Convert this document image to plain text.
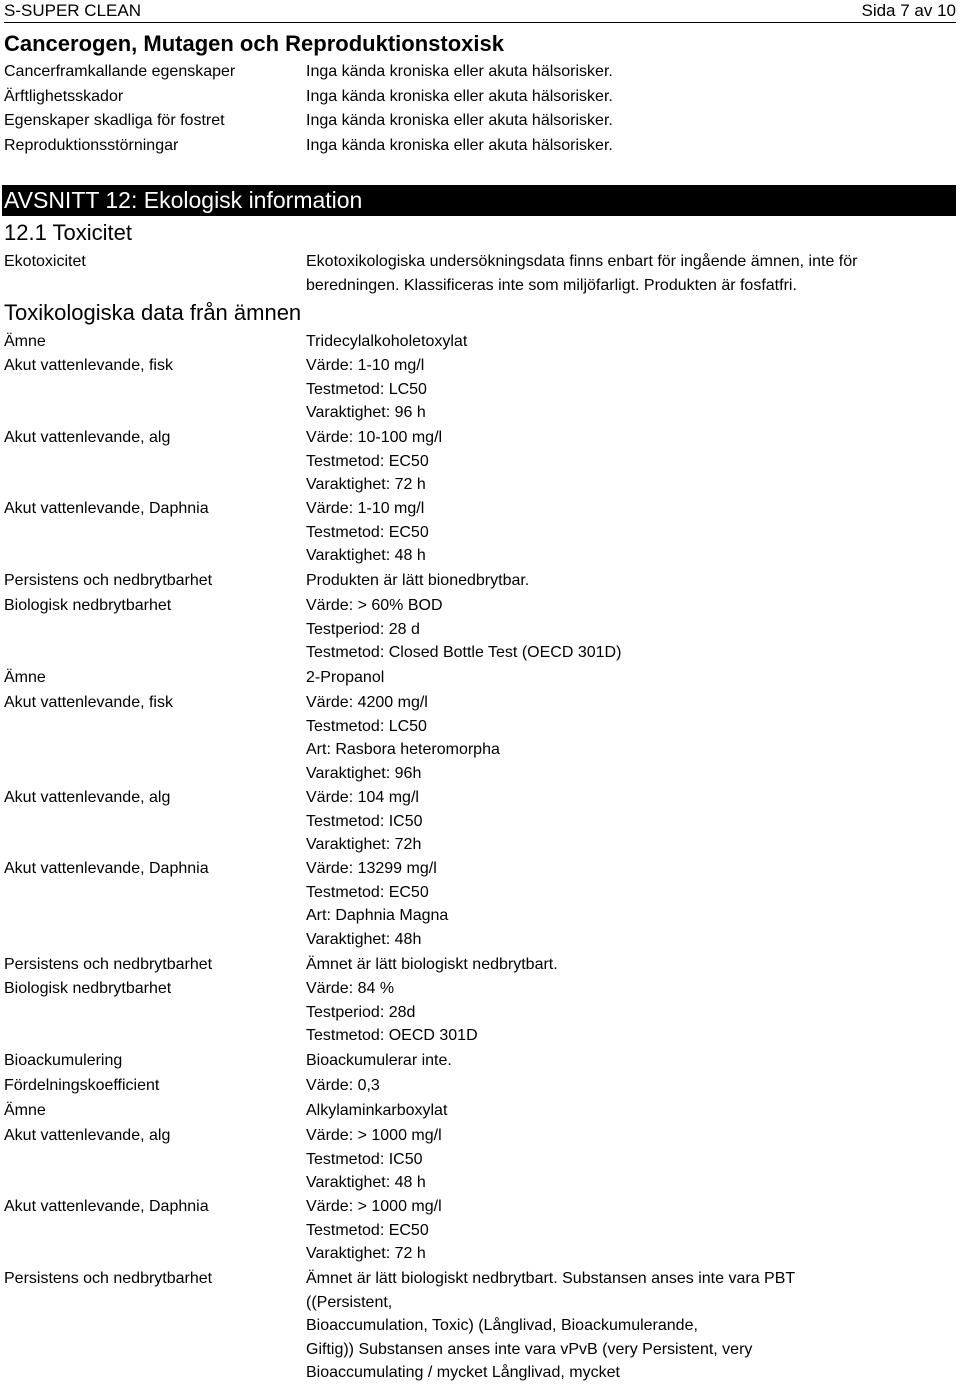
S-SUPER CLEAN	Sida 7 av 10
Cancerogen, Mutagen och Reproduktionstoxisk
Cancerframkallande egenskaper	Inga kända kroniska eller akuta hälsorisker.
Ärftlighetsskador	Inga kända kroniska eller akuta hälsorisker.
Egenskaper skadliga för fostret	Inga kända kroniska eller akuta hälsorisker.
Reproduktionsstörningar	Inga kända kroniska eller akuta hälsorisker.
AVSNITT 12: Ekologisk information
12.1 Toxicitet
Ekotoxicitet	Ekotoxikologiska undersökningsdata finns enbart för ingående ämnen, inte för beredningen. Klassificeras inte som miljöfarligt. Produkten är fosfatfri.
Toxikologiska data från ämnen
Ämne	Tridecylalkoholetoxylat
Akut vattenlevande, fisk	Värde: 1-10 mg/l
Testmetod: LC50
Varaktighet: 96 h
Akut vattenlevande, alg	Värde: 10-100 mg/l
Testmetod: EC50
Varaktighet: 72 h
Akut vattenlevande, Daphnia	Värde: 1-10 mg/l
Testmetod: EC50
Varaktighet: 48 h
Persistens och nedbrytbarhet	Produkten är lätt bionedbrytbar.
Biologisk nedbrytbarhet	Värde: > 60% BOD
Testperiod: 28 d
Testmetod: Closed Bottle Test (OECD 301D)
Ämne	2-Propanol
Akut vattenlevande, fisk	Värde: 4200 mg/l
Testmetod: LC50
Art: Rasbora heteromorpha
Varaktighet: 96h
Akut vattenlevande, alg	Värde: 104 mg/l
Testmetod: IC50
Varaktighet: 72h
Akut vattenlevande, Daphnia	Värde: 13299 mg/l
Testmetod: EC50
Art: Daphnia Magna
Varaktighet: 48h
Persistens och nedbrytbarhet	Ämnet är lätt biologiskt nedbrytbart.
Biologisk nedbrytbarhet	Värde: 84 %
Testperiod: 28d
Testmetod: OECD 301D
Bioackumulering	Bioackumulerar inte.
Fördelningskoefficient	Värde: 0,3
Ämne	Alkylaminkarboxylat
Akut vattenlevande, alg	Värde: > 1000 mg/l
Testmetod: IC50
Varaktighet: 48 h
Akut vattenlevande, Daphnia	Värde: > 1000 mg/l
Testmetod: EC50
Varaktighet: 72 h
Persistens och nedbrytbarhet	Ämnet är lätt biologiskt nedbrytbart. Substansen anses inte vara PBT
((Persistent,
Bioaccumulation, Toxic) (Långlivad, Bioackumulerande,
Giftig)) Substansen anses inte vara vPvB (very Persistent, very
Bioaccumulating / mycket Långlivad, mycket
